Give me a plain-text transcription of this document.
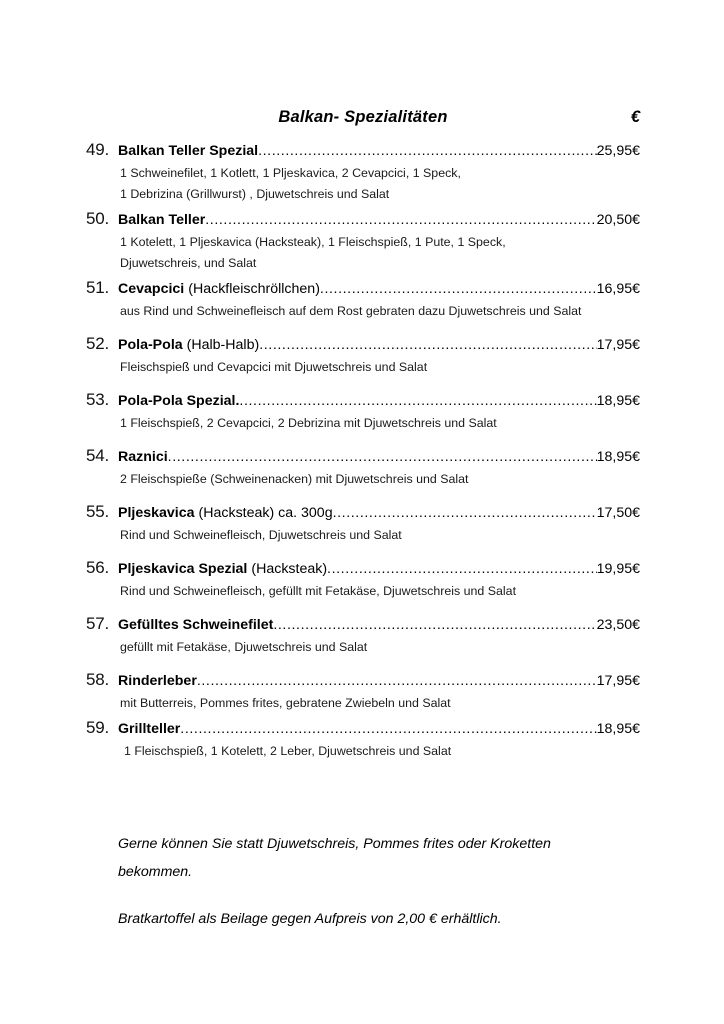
Balkan- Spezialitäten	€
49. Balkan Teller Spezial .....	25,95€
1 Schweinefilet, 1 Kotlett, 1 Pljeskavica, 2 Cevapcici, 1 Speck,
1 Debrizina (Grillwurst) , Djuwetschreis und Salat
50. Balkan Teller .....	20,50€
1 Kotelett, 1 Pljeskavica (Hacksteak), 1 Fleischspieß, 1 Pute, 1 Speck,
Djuwetschreis, und Salat
51. Cevapcici (Hackfleischröllchen) .....	16,95€
aus Rind und Schweinefleisch auf dem Rost gebraten dazu Djuwetschreis und Salat
52. Pola-Pola (Halb-Halb) .....	17,95€
Fleischspieß und Cevapcici mit Djuwetschreis und Salat
53. Pola-Pola Spezial. .....	18,95€
1 Fleischspieß, 2 Cevapcici, 2 Debrizina mit Djuwetschreis und Salat
54. Raznici .....	18,95€
2 Fleischspieße (Schweinenacken) mit Djuwetschreis und Salat
55. Pljeskavica (Hacksteak) ca. 300g .....	17,50€
Rind und Schweinefleisch, Djuwetschreis und Salat
56. Pljeskavica Spezial (Hacksteak) .....	19,95€
Rind und Schweinefleisch, gefüllt mit Fetakäse, Djuwetschreis und Salat
57. Gefülltes Schweinefilet .....	23,50€
gefüllt mit Fetakäse, Djuwetschreis und Salat
58. Rinderleber .....	17,95€
mit Butterreis, Pommes frites, gebratene Zwiebeln und Salat
59. Grillteller .....	18,95€
1 Fleischspieß, 1 Kotelett, 2 Leber, Djuwetschreis und Salat
Gerne können Sie statt Djuwetschreis, Pommes frites oder Kroketten
bekommen.
Bratkartoffel als Beilage gegen Aufpreis von 2,00 € erhältlich.
